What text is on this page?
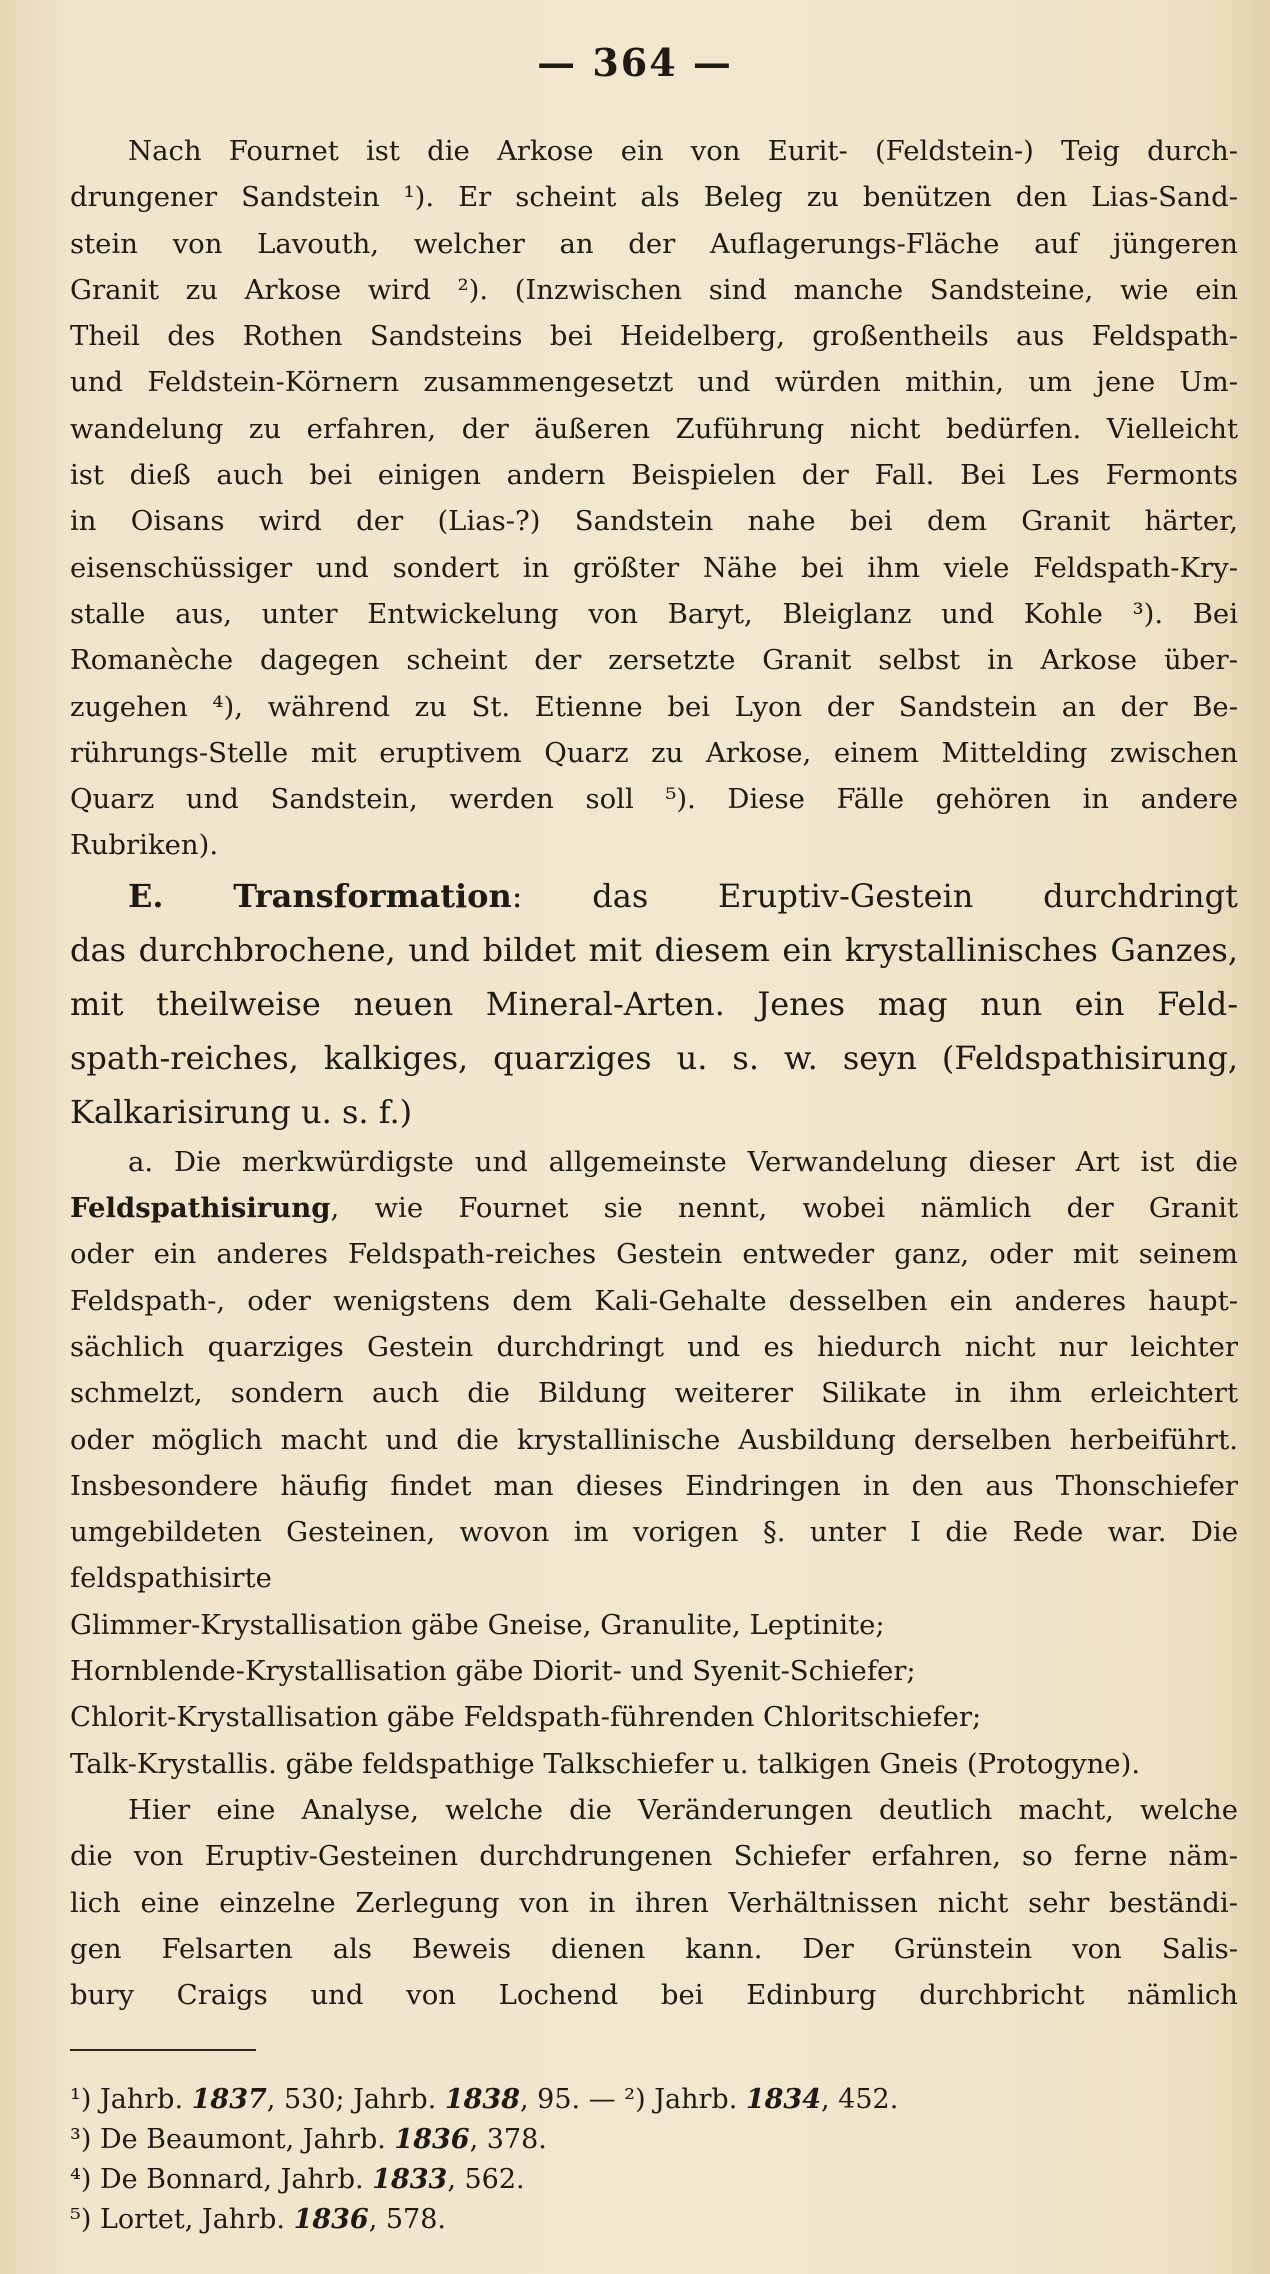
— 364 —
Nach Fournet ist die Arkose ein von Eurit- (Feldstein-) Teig durch-
drungener Sandstein ¹). Er scheint als Beleg zu benützen den Lias-Sand-
stein von Lavouth, welcher an der Auflagerungs-Fläche auf jüngeren
Granit zu Arkose wird ²). (Inzwischen sind manche Sandsteine, wie ein
Theil des Rothen Sandsteins bei Heidelberg, großentheils aus Feldspath-
und Feldstein-Körnern zusammengesetzt und würden mithin, um jene Um-
wandelung zu erfahren, der äußeren Zuführung nicht bedürfen. Vielleicht
ist dieß auch bei einigen andern Beispielen der Fall. Bei Les Fermonts
in Oisans wird der (Lias-?) Sandstein nahe bei dem Granit härter,
eisenschüssiger und sondert in größter Nähe bei ihm viele Feldspath-Kry-
stalle aus, unter Entwickelung von Baryt, Bleiglanz und Kohle ³). Bei
Romanèche dagegen scheint der zersetzte Granit selbst in Arkose über-
zugehen ⁴), während zu St. Etienne bei Lyon der Sandstein an der Be-
rührungs-Stelle mit eruptivem Quarz zu Arkose, einem Mittelding zwischen
Quarz und Sandstein, werden soll ⁵). Diese Fälle gehören in andere
Rubriken).
E. Transformation: das Eruptiv-Gestein durchdringt
das durchbrochene, und bildet mit diesem ein krystallinisches Ganzes,
mit theilweise neuen Mineral-Arten. Jenes mag nun ein Feld-
spath-reiches, kalkiges, quarziges u. s. w. seyn (Feldspathisirung,
Kalkarisirung u. s. f.)
a. Die merkwürdigste und allgemeinste Verwandelung dieser Art ist die
Feldspathisirung, wie Fournet sie nennt, wobei nämlich der Granit
oder ein anderes Feldspath-reiches Gestein entweder ganz, oder mit seinem
Feldspath-, oder wenigstens dem Kali-Gehalte desselben ein anderes haupt-
sächlich quarziges Gestein durchdringt und es hiedurch nicht nur leichter
schmelzt, sondern auch die Bildung weiterer Silikate in ihm erleichtert
oder möglich macht und die krystallinische Ausbildung derselben herbeiführt.
Insbesondere häufig findet man dieses Eindringen in den aus Thonschiefer
umgebildeten Gesteinen, wovon im vorigen §. unter I die Rede war. Die
feldspathisirte
Glimmer-Krystallisation gäbe Gneise, Granulite, Leptinite;
Hornblende-Krystallisation gäbe Diorit- und Syenit-Schiefer;
Chlorit-Krystallisation gäbe Feldspath-führenden Chloritschiefer;
Talk-Krystallis. gäbe feldspathige Talkschiefer u. talkigen Gneis (Protogyne).
Hier eine Analyse, welche die Veränderungen deutlich macht, welche
die von Eruptiv-Gesteinen durchdrungenen Schiefer erfahren, so ferne näm-
lich eine einzelne Zerlegung von in ihren Verhältnissen nicht sehr beständi-
gen Felsarten als Beweis dienen kann. Der Grünstein von Salis-
bury Craigs und von Lochend bei Edinburg durchbricht nämlich
¹) Jahrb. 1837, 530; Jahrb. 1838, 95. — ²) Jahrb. 1834, 452.
³) De Beaumont, Jahrb. 1836, 378.
⁴) De Bonnard, Jahrb. 1833, 562.
⁵) Lortet, Jahrb. 1836, 578.
